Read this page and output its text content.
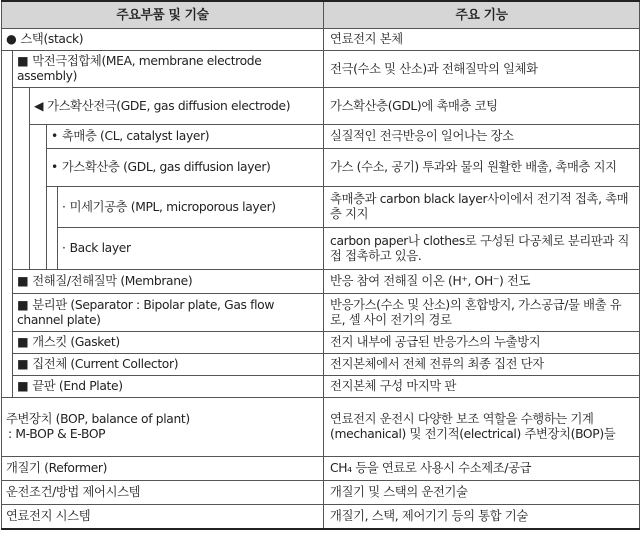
주요부품 및 기술					주요 기능
● 스택(stack)					연료전지 본체
	■ 막전극접합체(MEA, membrane electrode assembly)				전극(수소 및 산소)과 전해질막의 일체화
		◀ 가스확산전극(GDE, gas diffusion electrode)			가스확산층(GDL)에 촉매층 코팅
			• 촉매층 (CL, catalyst layer)		실질적인 전극반응이 일어나는 장소
			• 가스확산층 (GDL, gas diffusion layer)		가스 (수소, 공기) 투과와 물의 원활한 배출, 촉매층 지지
				· 미세기공층 (MPL, microporous layer)	촉매층과 carbon black layer사이에서 전기적 접촉, 촉매층 지지
				· Back layer	carbon paper나 clothes로 구성된 다공체로 분리판과 직접 접촉하고 있음.
	■ 전해질/전해질막 (Membrane)				반응 참여 전해질 이온 (H⁺, OH⁻) 전도
	■ 분리판 (Separator : Bipolar plate, Gas flow channel plate)				반응가스(수소 및 산소)의 혼합방지, 가스공급/물 배출 유로, 셀 사이 전기의 경로
	■ 개스킷 (Gasket)				전지 내부에 공급된 반응가스의 누출방지
	■ 집전체 (Current Collector)				전지본체에서 전체 전류의 최종 집전 단자
	■ 끝판 (End Plate)				전지본체 구성 마지막 판

주변장치 (BOP, balance of plant)
: M-BOP & E-BOP					연료전지 운전시 다양한 보조 역할을 수행하는 기계(mechanical) 및 전기적(electrical) 주변장치(BOP)들
개질기 (Reformer)					CH₄ 등을 연료로 사용시 수소제조/공급
운전조건/방법 제어시스템					개질기 및 스택의 운전기술
연료전지 시스템					개질기, 스택, 제어기기 등의 통합 기술
